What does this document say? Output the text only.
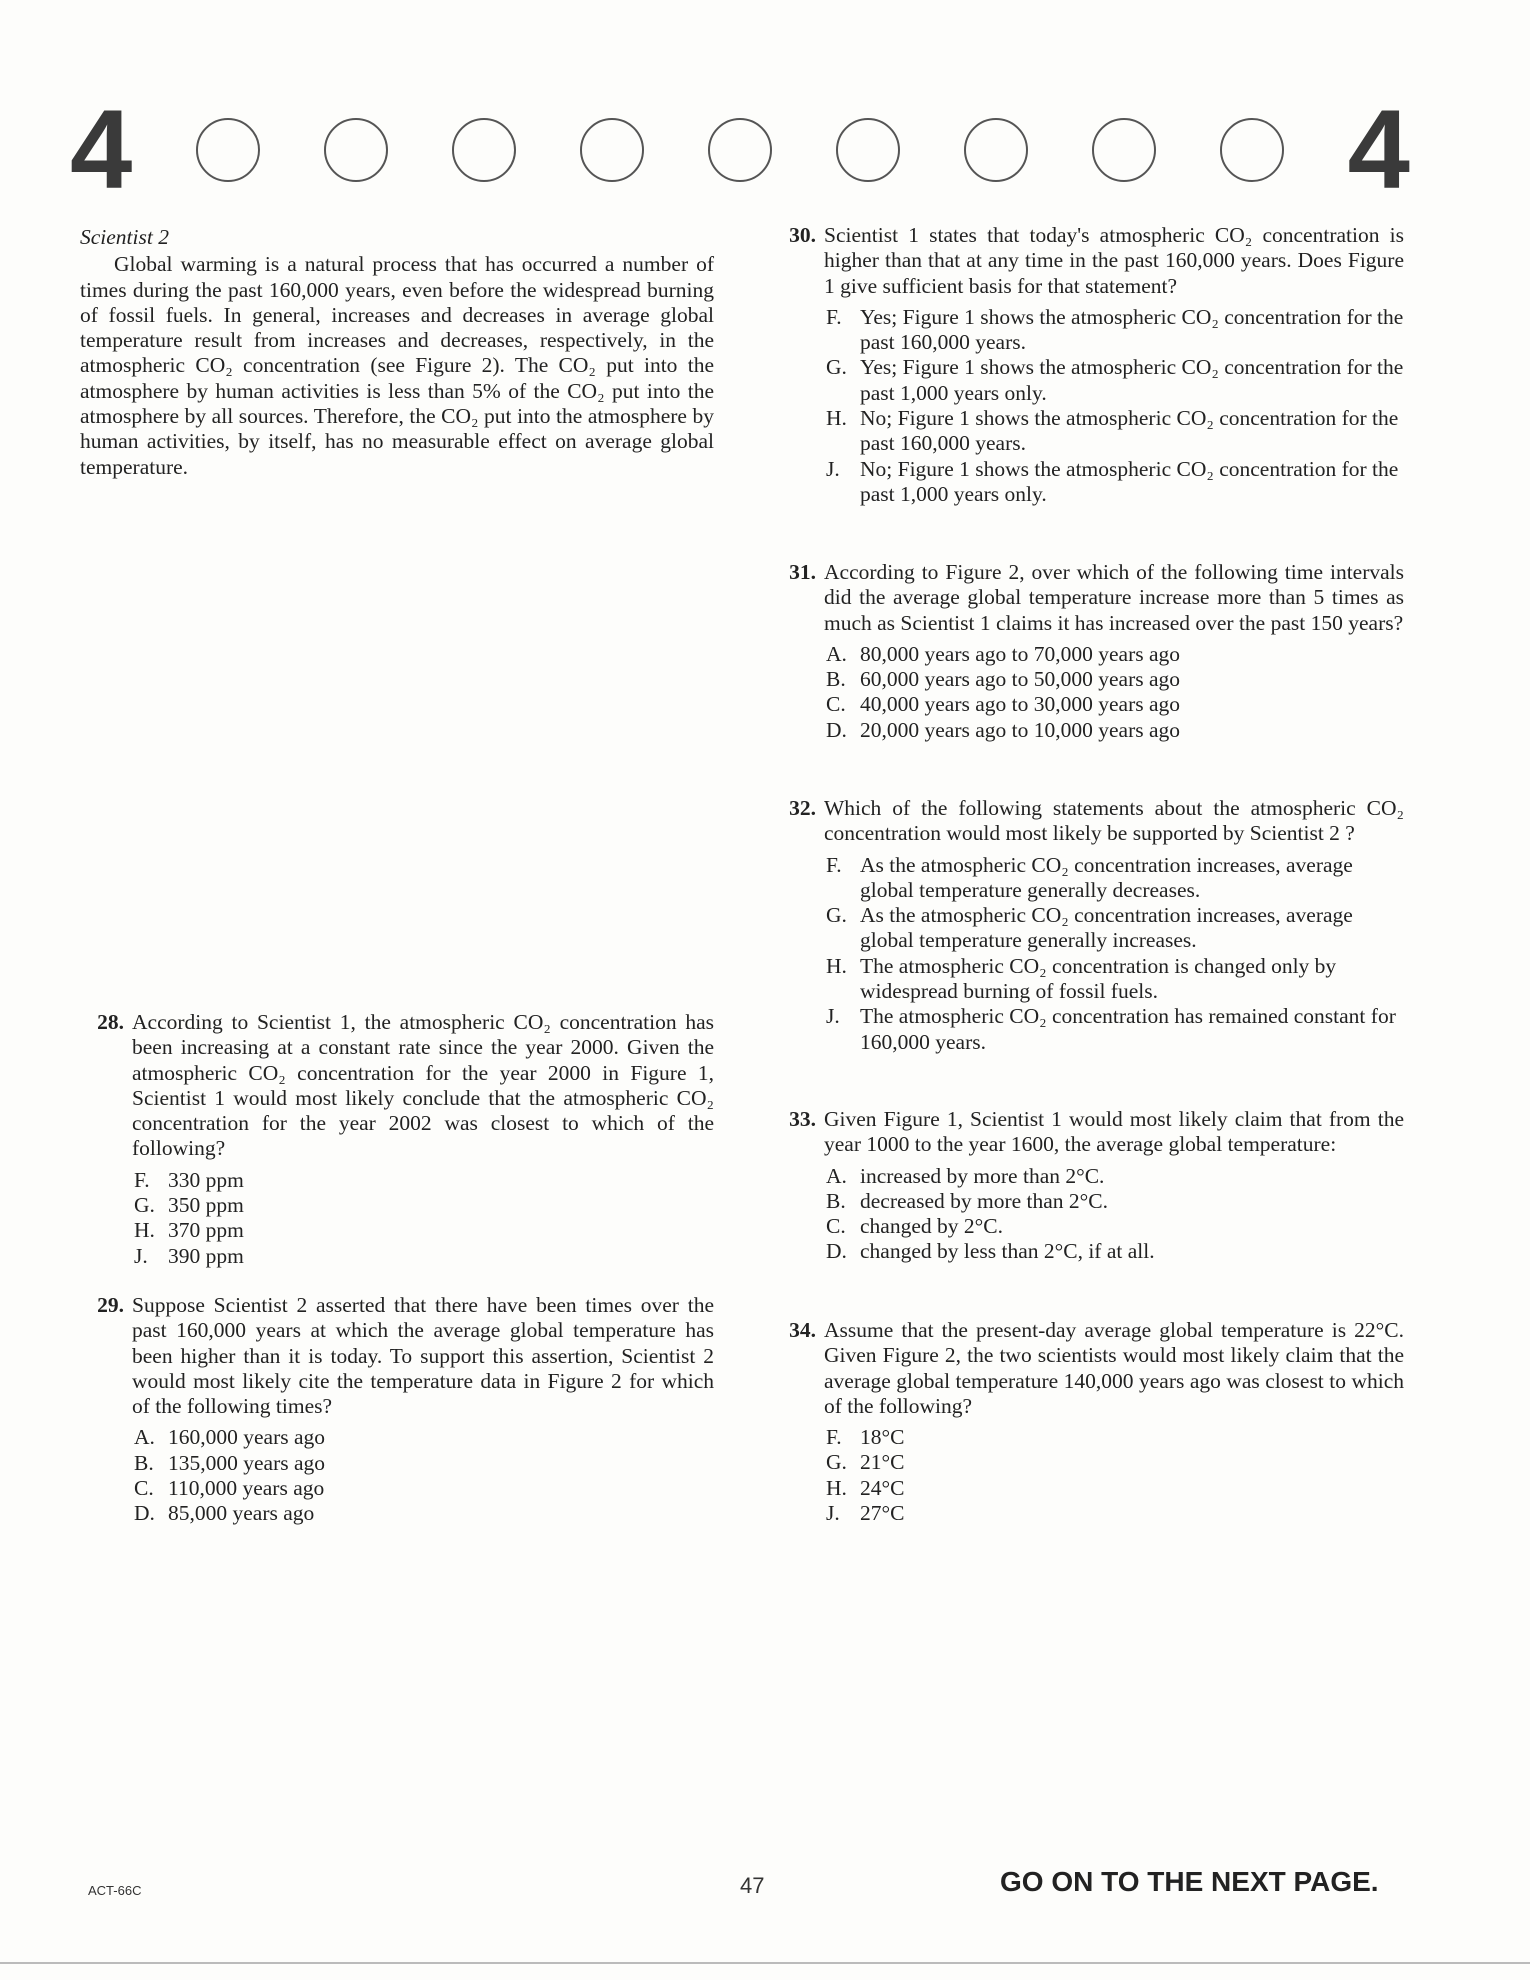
4	4

Scientist 2

Global warming is a natural process that has occurred a number of times during the past 160,000 years, even before the widespread burning of fossil fuels. In general, increases and decreases in average global temperature result from increases and decreases, respectively, in the atmospheric CO₂ concentration (see Figure 2). The CO₂ put into the atmosphere by human activities is less than 5% of the CO₂ put into the atmosphere by all sources. Therefore, the CO₂ put into the atmosphere by human activities, by itself, has no measurable effect on average global temperature.

28. According to Scientist 1, the atmospheric CO₂ concentration has been increasing at a constant rate since the year 2000. Given the atmospheric CO₂ concentration for the year 2000 in Figure 1, Scientist 1 would most likely conclude that the atmospheric CO₂ concentration for the year 2002 was closest to which of the following?
F. 330 ppm
G. 350 ppm
H. 370 ppm
J. 390 ppm
29. Suppose Scientist 2 asserted that there have been times over the past 160,000 years at which the average global temperature has been higher than it is today. To support this assertion, Scientist 2 would most likely cite the temperature data in Figure 2 for which of the following times?
A. 160,000 years ago
B. 135,000 years ago
C. 110,000 years ago
D. 85,000 years ago
30. Scientist 1 states that today's atmospheric CO₂ concentration is higher than that at any time in the past 160,000 years. Does Figure 1 give sufficient basis for that statement?
F. Yes; Figure 1 shows the atmospheric CO₂ concentration for the past 160,000 years.
G. Yes; Figure 1 shows the atmospheric CO₂ concentration for the past 1,000 years only.
H. No; Figure 1 shows the atmospheric CO₂ concentration for the past 160,000 years.
J. No; Figure 1 shows the atmospheric CO₂ concentration for the past 1,000 years only.
31. According to Figure 2, over which of the following time intervals did the average global temperature increase more than 5 times as much as Scientist 1 claims it has increased over the past 150 years?
A. 80,000 years ago to 70,000 years ago
B. 60,000 years ago to 50,000 years ago
C. 40,000 years ago to 30,000 years ago
D. 20,000 years ago to 10,000 years ago
32. Which of the following statements about the atmospheric CO₂ concentration would most likely be supported by Scientist 2 ?
F. As the atmospheric CO₂ concentration increases, average global temperature generally decreases.
G. As the atmospheric CO₂ concentration increases, average global temperature generally increases.
H. The atmospheric CO₂ concentration is changed only by widespread burning of fossil fuels.
J. The atmospheric CO₂ concentration has remained constant for 160,000 years.
33. Given Figure 1, Scientist 1 would most likely claim that from the year 1000 to the year 1600, the average global temperature:
A. increased by more than 2°C.
B. decreased by more than 2°C.
C. changed by 2°C.
D. changed by less than 2°C, if at all.
34. Assume that the present-day average global temperature is 22°C. Given Figure 2, the two scientists would most likely claim that the average global temperature 140,000 years ago was closest to which of the following?
F. 18°C
G. 21°C
H. 24°C
J. 27°C
ACT-66C	47	GO ON TO THE NEXT PAGE.
